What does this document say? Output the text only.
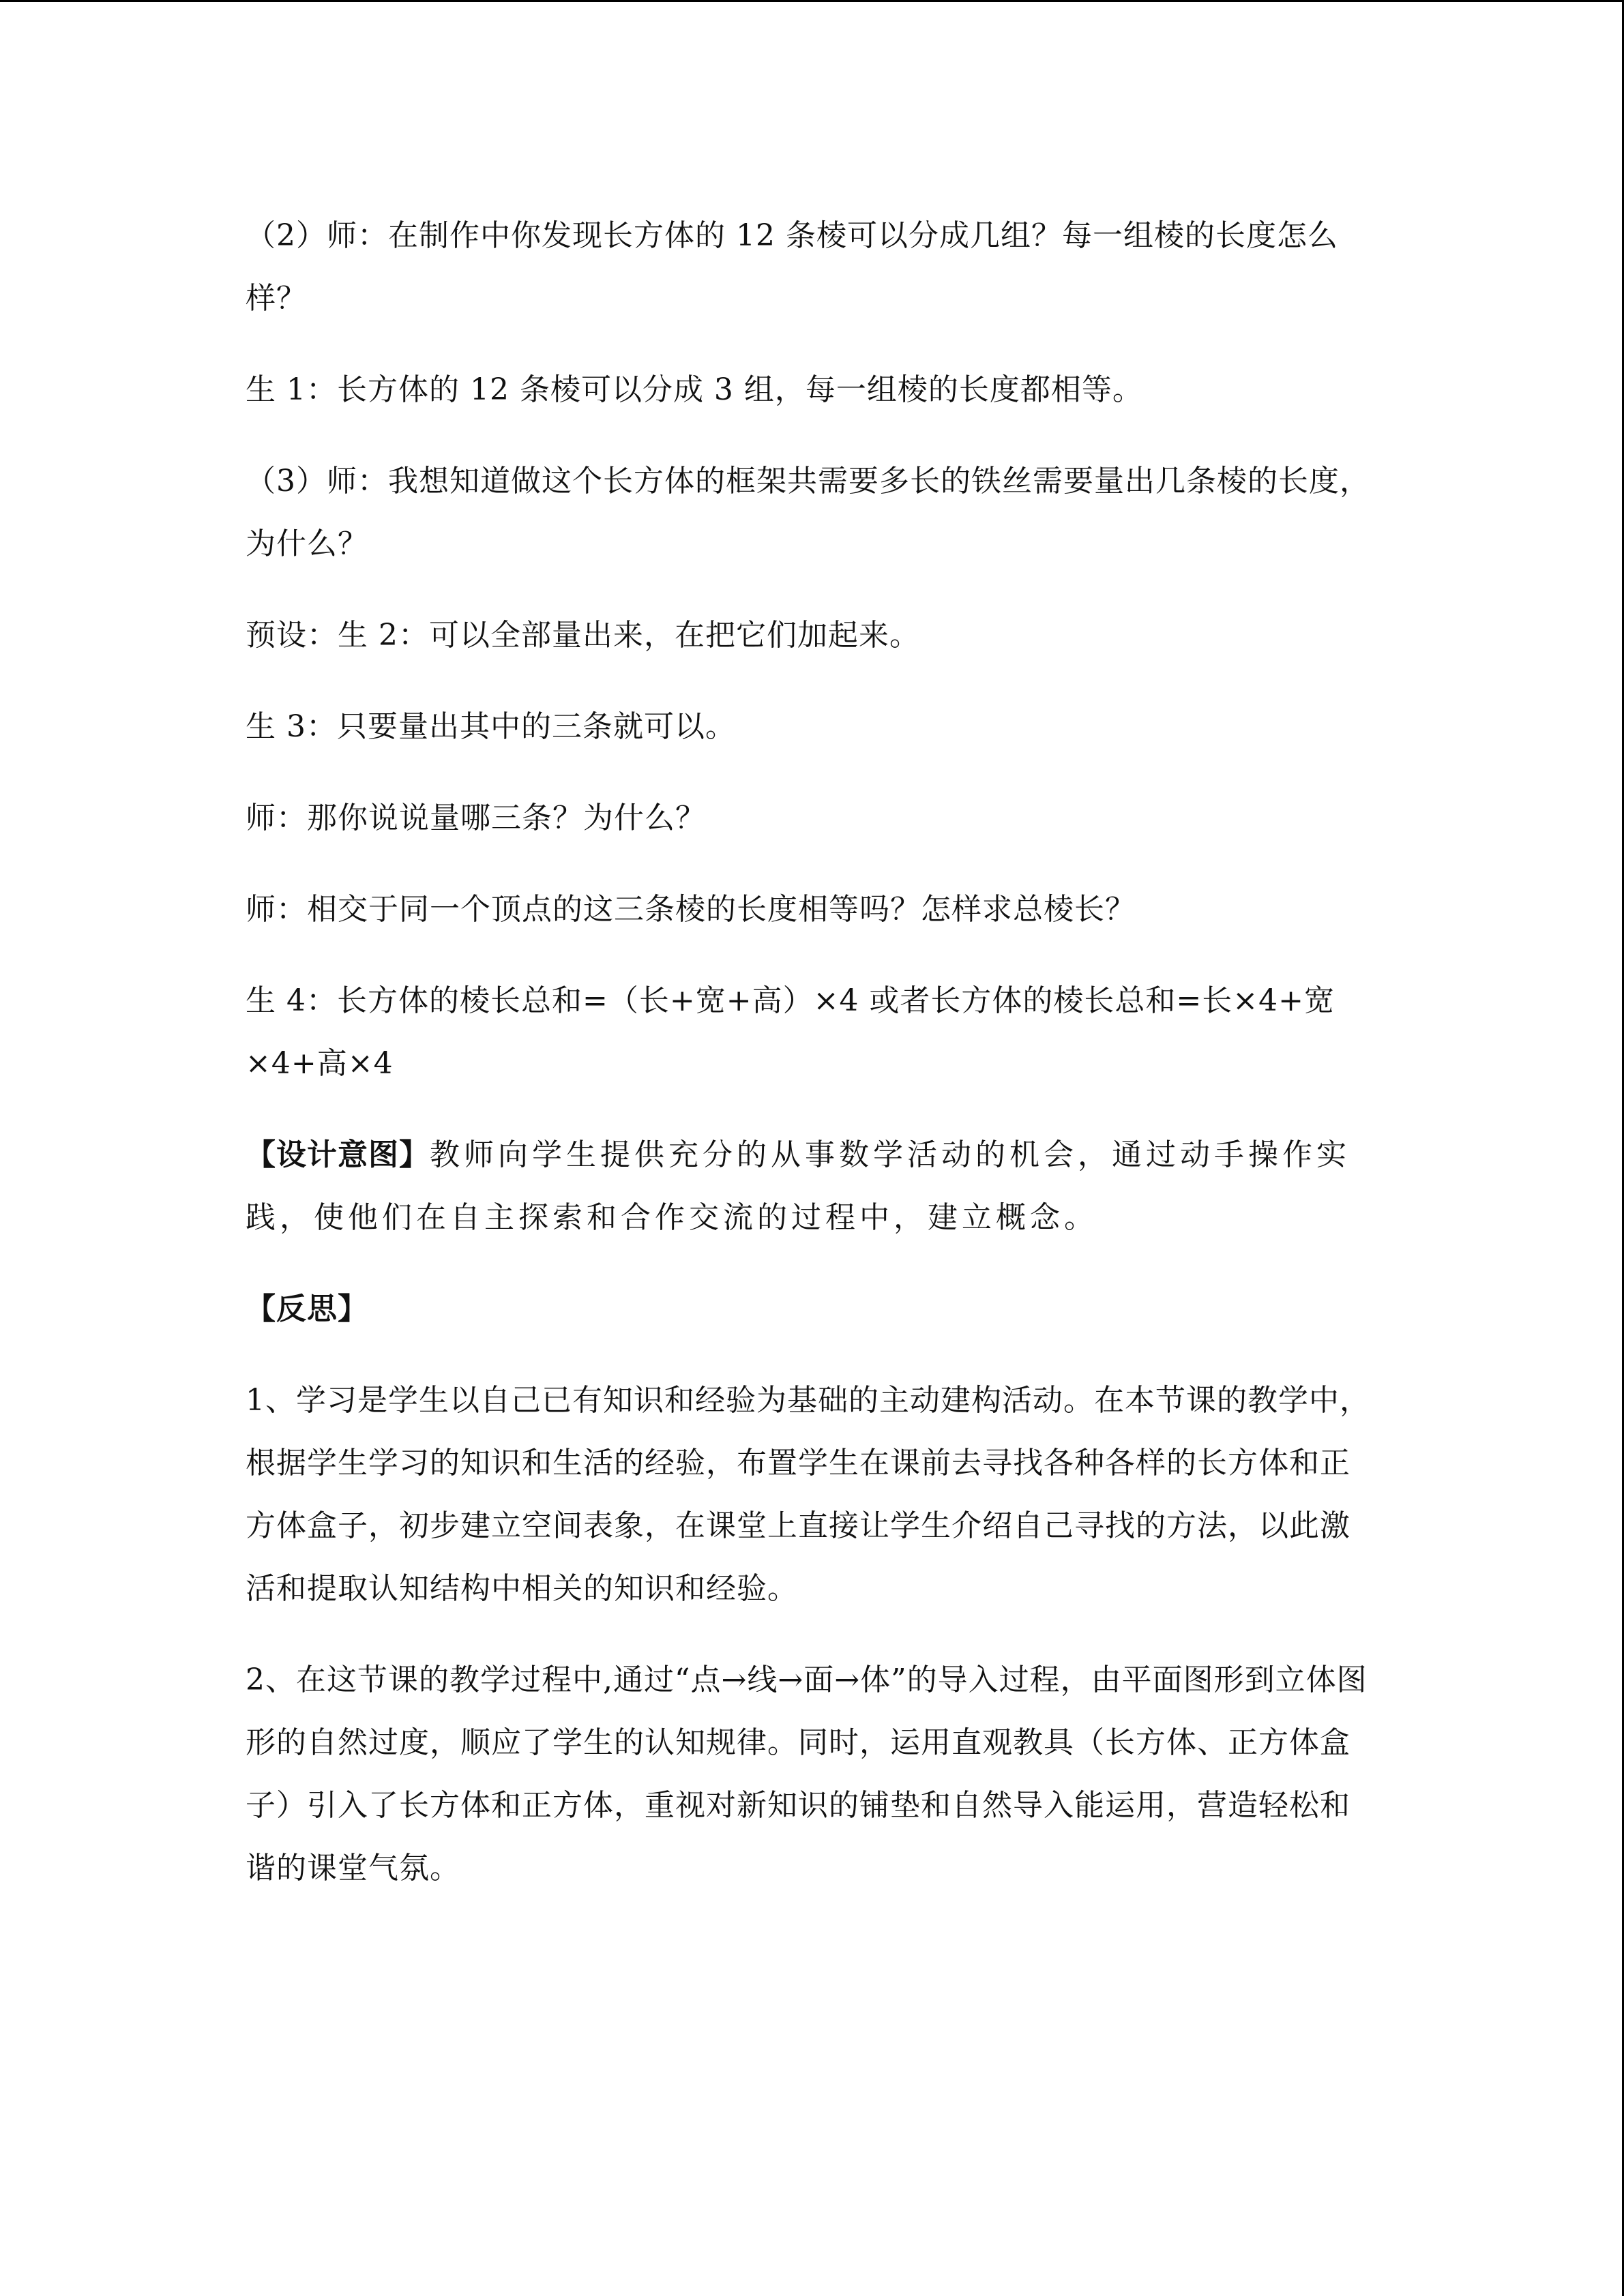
（2）师：在制作中你发现长方体的 12 条棱可以分成几组？每一组棱的长度怎么样？

生 1：长方体的 12 条棱可以分成 3 组，每一组棱的长度都相等。

（3）师：我想知道做这个长方体的框架共需要多长的铁丝需要量出几条棱的长度，为什么？

预设：生 2：可以全部量出来，在把它们加起来。

生 3：只要量出其中的三条就可以。

师：那你说说量哪三条？为什么？

师：相交于同一个顶点的这三条棱的长度相等吗？怎样求总棱长？

生 4：长方体的棱长总和=（长+宽+高）×4 或者长方体的棱长总和=长×4+宽×4+高×4

【设计意图】教师向学生提供充分的从事数学活动的机会，通过动手操作实践，使他们在自主探索和合作交流的过程中，建立概念。

【反思】

1、学习是学生以自己已有知识和经验为基础的主动建构活动。在本节课的教学中，根据学生学习的知识和生活的经验，布置学生在课前去寻找各种各样的长方体和正方体盒子，初步建立空间表象，在课堂上直接让学生介绍自己寻找的方法，以此激活和提取认知结构中相关的知识和经验。

2、在这节课的教学过程中,通过“点→线→面→体”的导入过程，由平面图形到立体图形的自然过度，顺应了学生的认知规律。同时，运用直观教具（长方体、正方体盒子）引入了长方体和正方体，重视对新知识的铺垫和自然导入能运用，营造轻松和谐的课堂气氛。
